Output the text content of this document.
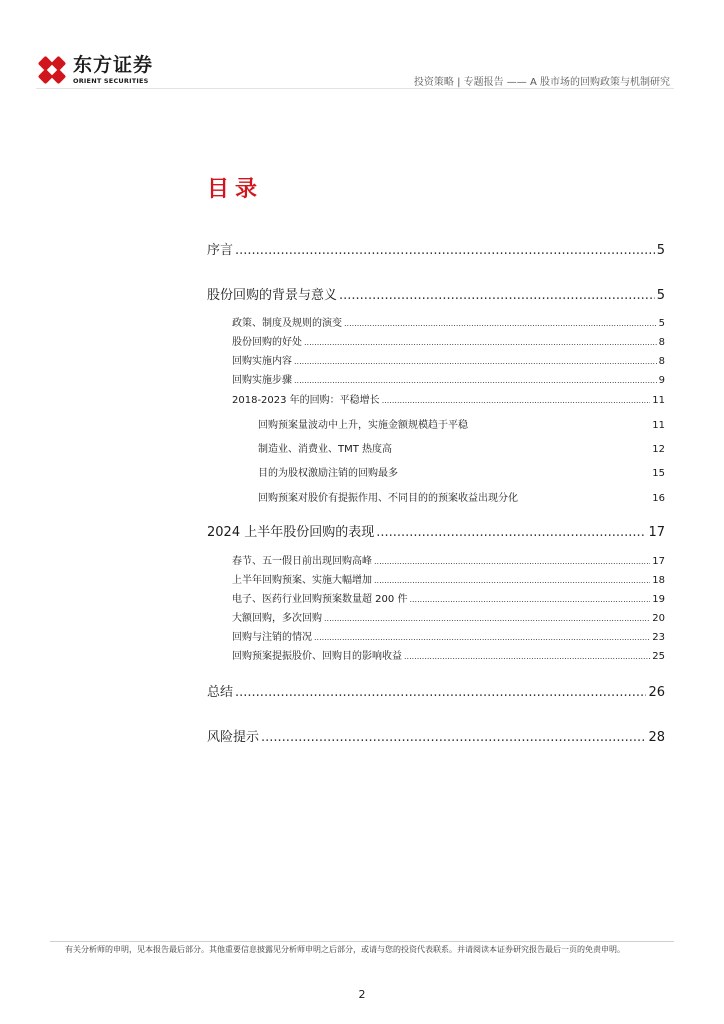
东方证券
ORIENT SECURITIES	投资策略 | 专题报告 —— A 股市场的回购政策与机制研究
目录
序言 .....	5
股份回购的背景与意义 .....	5
政策、制度及规则的演变 .....	5
股份回购的好处 .....	8
回购实施内容 .....	8
回购实施步骤 .....	9
2018-2023 年的回购：平稳增长 .....	11
回购预案量波动中上升，实施金额规模趋于平稳	11
制造业、消费业、TMT 热度高	12
目的为股权激励注销的回购最多	15
回购预案对股价有提振作用、不同目的的预案收益出现分化	16
2024 上半年股份回购的表现 .....	17
春节、五一假日前出现回购高峰 .....	17
上半年回购预案、实施大幅增加 .....	18
电子、医药行业回购预案数量超 200 件 .....	19
大额回购，多次回购 .....	20
回购与注销的情况 .....	23
回购预案提振股价、回购目的影响收益 .....	25
总结 .....	26
风险提示 .....	28
有关分析师的申明，见本报告最后部分。其他重要信息披露见分析师申明之后部分，或请与您的投资代表联系。并请阅读本证券研究报告最后一页的免责申明。
2
